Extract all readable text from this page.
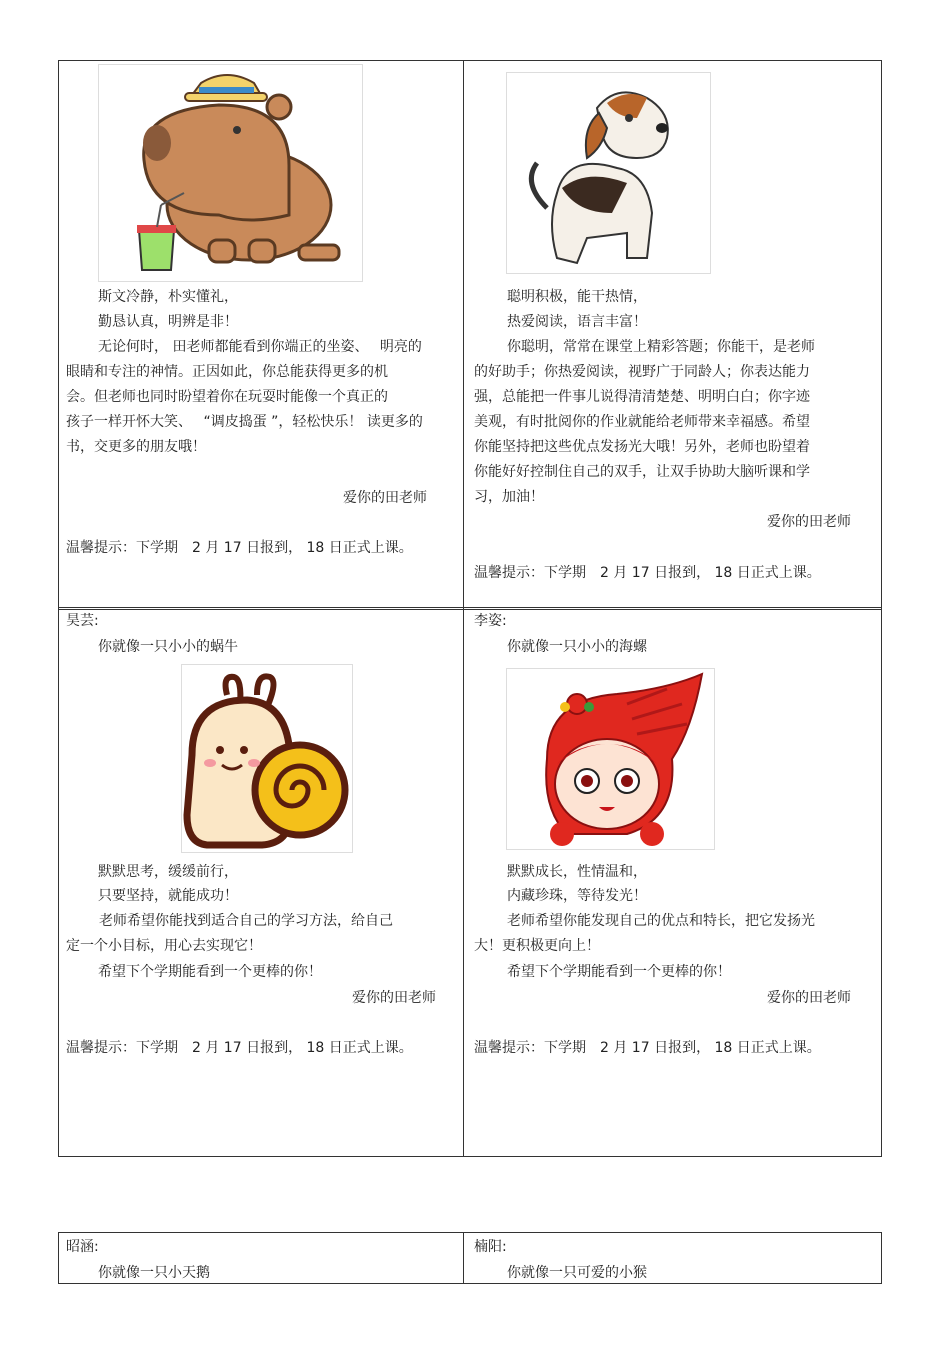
斯文冷静，朴实懂礼，
勤恳认真，明辨是非！
无论何时， 田老师都能看到你端正的坐姿、　 明亮的
眼睛和专注的神情。正因如此，你总能获得更多的机
会。但老师也同时盼望着你在玩耍时能像一个真正的
孩子一样开怀大笑、　 “调皮捣蛋 ”，轻松快乐！ 读更多的
书，交更多的朋友哦！
爱你的田老师
温馨提示：下学期　2 月 17 日报到， 18 日正式上课。
聪明积极，能干热情，
热爱阅读，语言丰富！
你聪明，常常在课堂上精彩答题；你能干，是老师
的好助手；你热爱阅读，视野广于同龄人；你表达能力
强，总能把一件事儿说得清清楚楚、明明白白；你字迹
美观，有时批阅你的作业就能给老师带来幸福感。希望
你能坚持把这些优点发扬光大哦！另外，老师也盼望着
你能好好控制住自己的双手，让双手协助大脑听课和学
习，加油！
爱你的田老师
温馨提示：下学期　2 月 17 日报到， 18 日正式上课。
昊芸:
你就像一只小小的蜗牛
默默思考，缓缓前行，
只要坚持，就能成功！
老师希望你能找到适合自己的学习方法，给自己
定一个小目标，用心去实现它！
希望下个学期能看到一个更棒的你！
爱你的田老师
温馨提示：下学期　2 月 17 日报到， 18 日正式上课。
李姿:
你就像一只小小的海螺
默默成长，性情温和，
内藏珍珠，等待发光！
老师希望你能发现自己的优点和特长，把它发扬光
大！更积极更向上！
希望下个学期能看到一个更棒的你！
爱你的田老师
温馨提示：下学期　2 月 17 日报到， 18 日正式上课。
昭涵:
你就像一只小天鹅
楠阳:
你就像一只可爱的小猴
